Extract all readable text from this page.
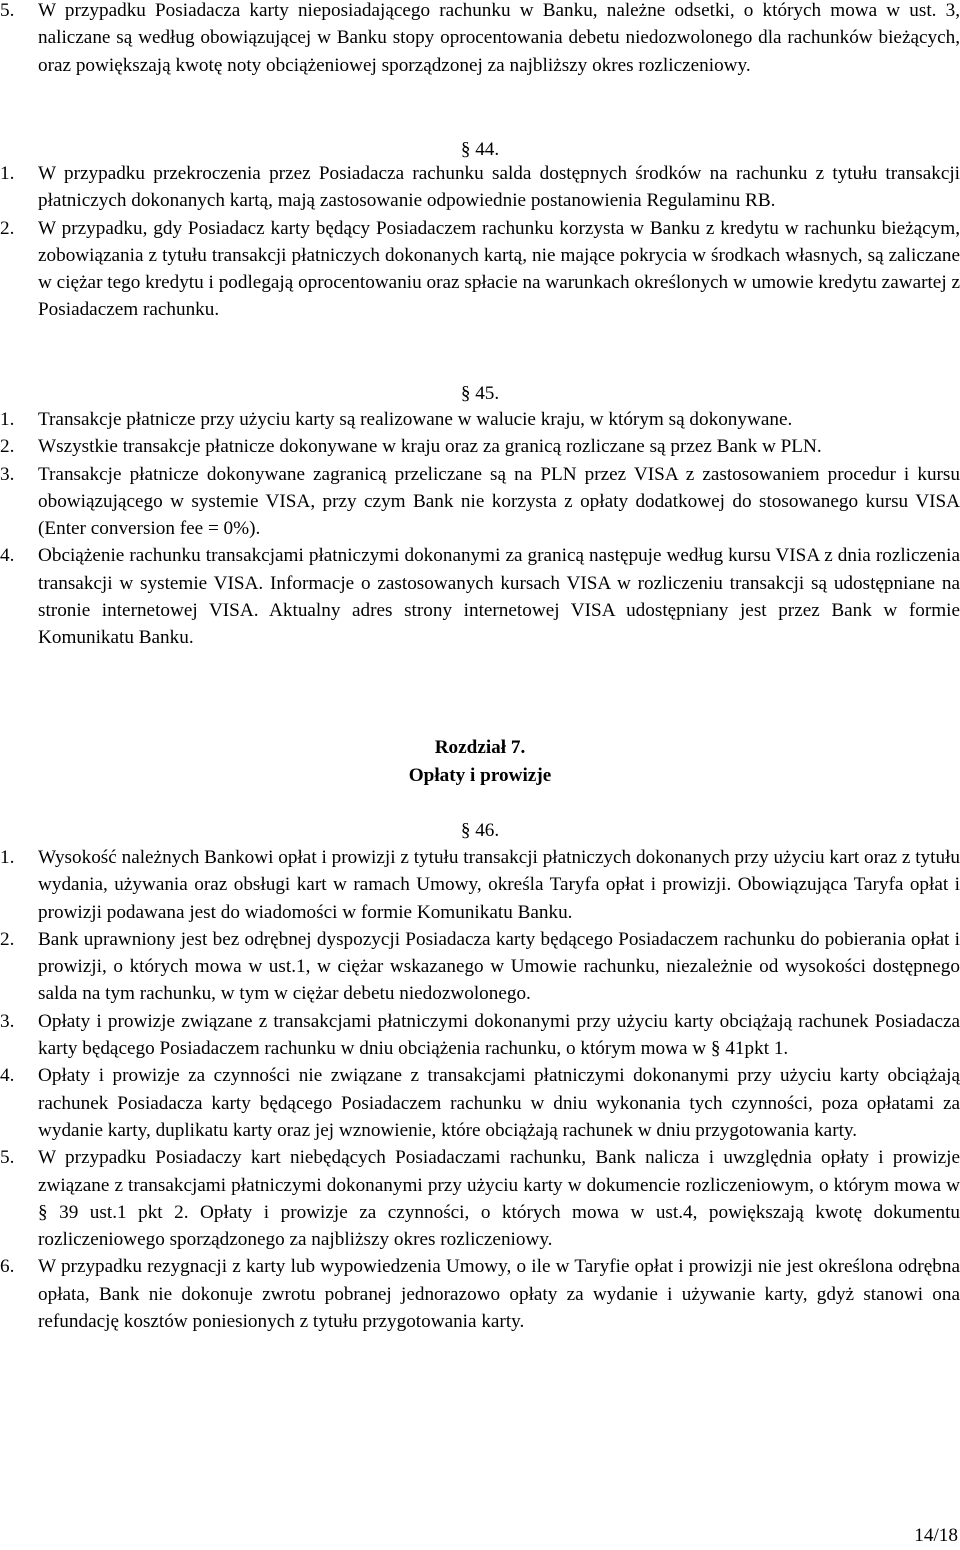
5.	W przypadku Posiadacza karty nieposiadającego rachunku w Banku, należne odsetki, o których mowa w ust. 3, naliczane są według obowiązującej w Banku stopy oprocentowania debetu niedozwolonego dla rachunków bieżących, oraz powiększają kwotę noty obciążeniowej sporządzonej za najbliższy okres rozliczeniowy.
§ 44.
1.	W przypadku przekroczenia przez Posiadacza rachunku salda dostępnych środków na rachunku z tytułu transakcji płatniczych dokonanych kartą, mają zastosowanie odpowiednie postanowienia Regulaminu RB.
2.	W przypadku, gdy Posiadacz karty będący Posiadaczem rachunku korzysta w Banku z kredytu w rachunku bieżącym, zobowiązania z tytułu transakcji płatniczych dokonanych kartą, nie mające pokrycia w środkach własnych, są zaliczane w ciężar tego kredytu i podlegają oprocentowaniu oraz spłacie na warunkach określonych w umowie kredytu zawartej z Posiadaczem rachunku.
§ 45.
1.	Transakcje płatnicze przy użyciu karty są realizowane w walucie kraju, w którym są dokonywane.
2.	Wszystkie transakcje płatnicze dokonywane w kraju oraz za granicą rozliczane są przez Bank w PLN.
3.	Transakcje płatnicze dokonywane zagranicą przeliczane są na PLN przez VISA z zastosowaniem procedur i kursu obowiązującego w systemie VISA, przy czym Bank nie korzysta z opłaty dodatkowej do stosowanego kursu VISA (Enter conversion fee = 0%).
4.	Obciążenie rachunku transakcjami płatniczymi dokonanymi za granicą następuje według kursu VISA z dnia rozliczenia transakcji w systemie VISA. Informacje o zastosowanych kursach VISA w rozliczeniu transakcji są udostępniane na stronie internetowej VISA. Aktualny adres strony internetowej VISA udostępniany jest przez Bank w formie Komunikatu Banku.
Rozdział 7.
Opłaty i prowizje
§ 46.
1.	Wysokość należnych Bankowi opłat i prowizji z tytułu transakcji płatniczych dokonanych przy użyciu kart oraz z tytułu wydania, używania oraz obsługi kart w ramach Umowy, określa Taryfa opłat i prowizji. Obowiązująca Taryfa opłat i prowizji podawana jest do wiadomości w formie Komunikatu Banku.
2.	Bank uprawniony jest bez odrębnej dyspozycji Posiadacza karty będącego Posiadaczem rachunku do pobierania opłat i prowizji, o których mowa w ust.1, w ciężar wskazanego w Umowie rachunku, niezależnie od wysokości dostępnego salda na tym rachunku, w tym w ciężar debetu niedozwolonego.
3.	Opłaty i prowizje związane z transakcjami płatniczymi dokonanymi przy użyciu karty obciążają rachunek Posiadacza karty będącego Posiadaczem rachunku w dniu obciążenia rachunku, o którym mowa w § 41pkt 1.
4.	Opłaty i prowizje za czynności nie związane z transakcjami płatniczymi dokonanymi przy użyciu karty obciążają rachunek Posiadacza karty będącego Posiadaczem rachunku w dniu wykonania tych czynności, poza opłatami za wydanie karty, duplikatu karty oraz jej wznowienie, które obciążają rachunek w dniu przygotowania karty.
5.	W przypadku Posiadaczy kart niebędących Posiadaczami rachunku, Bank nalicza i uwzględnia opłaty i prowizje związane z transakcjami płatniczymi dokonanymi przy użyciu karty w dokumencie rozliczeniowym, o którym mowa w § 39 ust.1 pkt 2. Opłaty i prowizje za czynności, o których mowa w ust.4, powiększają kwotę dokumentu rozliczeniowego sporządzonego za najbliższy okres rozliczeniowy.
6.	W przypadku rezygnacji z karty lub wypowiedzenia Umowy, o ile w Taryfie opłat i prowizji nie jest określona odrębna opłata, Bank nie dokonuje zwrotu pobranej jednorazowo opłaty za wydanie i używanie karty, gdyż stanowi ona refundację kosztów poniesionych z tytułu przygotowania karty.
14/18
